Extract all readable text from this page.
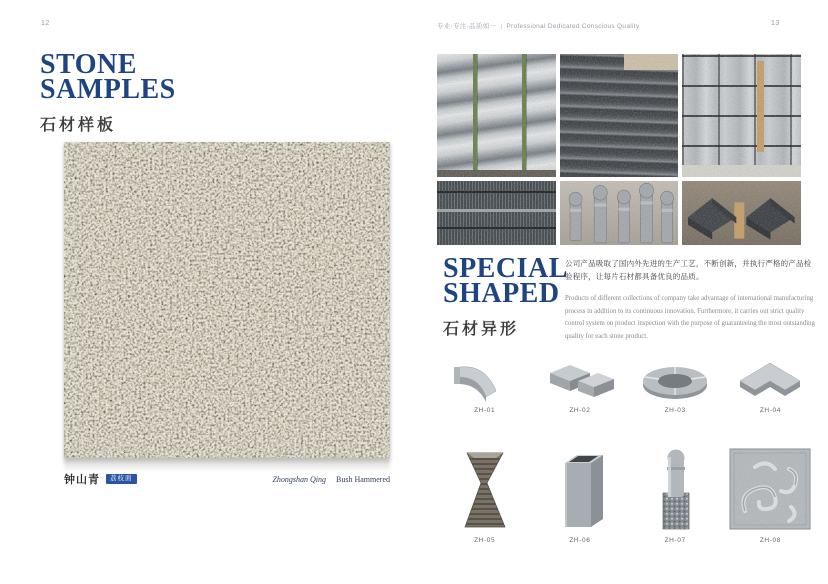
12
STONE
SAMPLES
石材样板
钟山青	荔枝面	Zhongshan Qing Bush Hammered
专业·专注·品质如一 | Professional Dedicated Conscious Quality	13
SPECIAL
SHAPED
石材异形
公司产品吸取了国内外先进的生产工艺，不断创新，并执行严格的产品检验程序，让每片石材都具备优良的品质。
Products of different collections of company take advantage of international manufacturing process in addition to its continuous innovation. Furthermore, it carries out strict quality control system on product inspection with the purpose of guaranteeing the most outstanding quality for each stone product.
ZH-01	ZH-02	ZH-03	ZH-04
ZH-05	ZH-06	ZH-07	ZH-08
